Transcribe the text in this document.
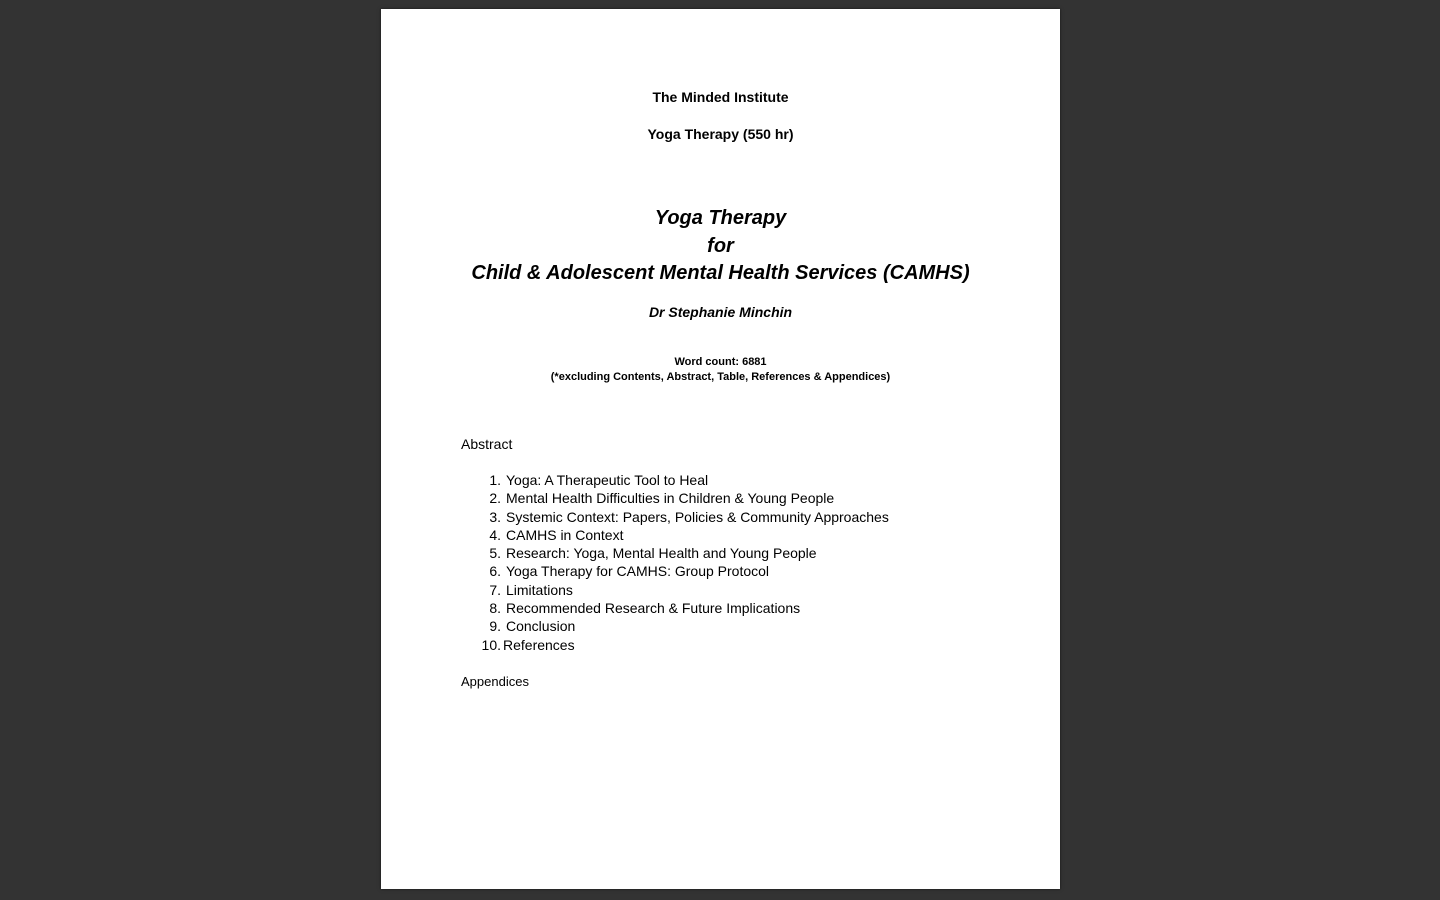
The Minded Institute
Yoga Therapy (550 hr)
Yoga Therapy
for
Child & Adolescent Mental Health Services (CAMHS)
Dr Stephanie Minchin
Word count: 6881
(*excluding Contents, Abstract, Table, References & Appendices)
Abstract
1. Yoga: A Therapeutic Tool to Heal
2. Mental Health Difficulties in Children & Young People
3. Systemic Context: Papers, Policies & Community Approaches
4. CAMHS in Context
5. Research: Yoga, Mental Health and Young People
6. Yoga Therapy for CAMHS: Group Protocol
7. Limitations
8. Recommended Research & Future Implications
9. Conclusion
10. References
Appendices
